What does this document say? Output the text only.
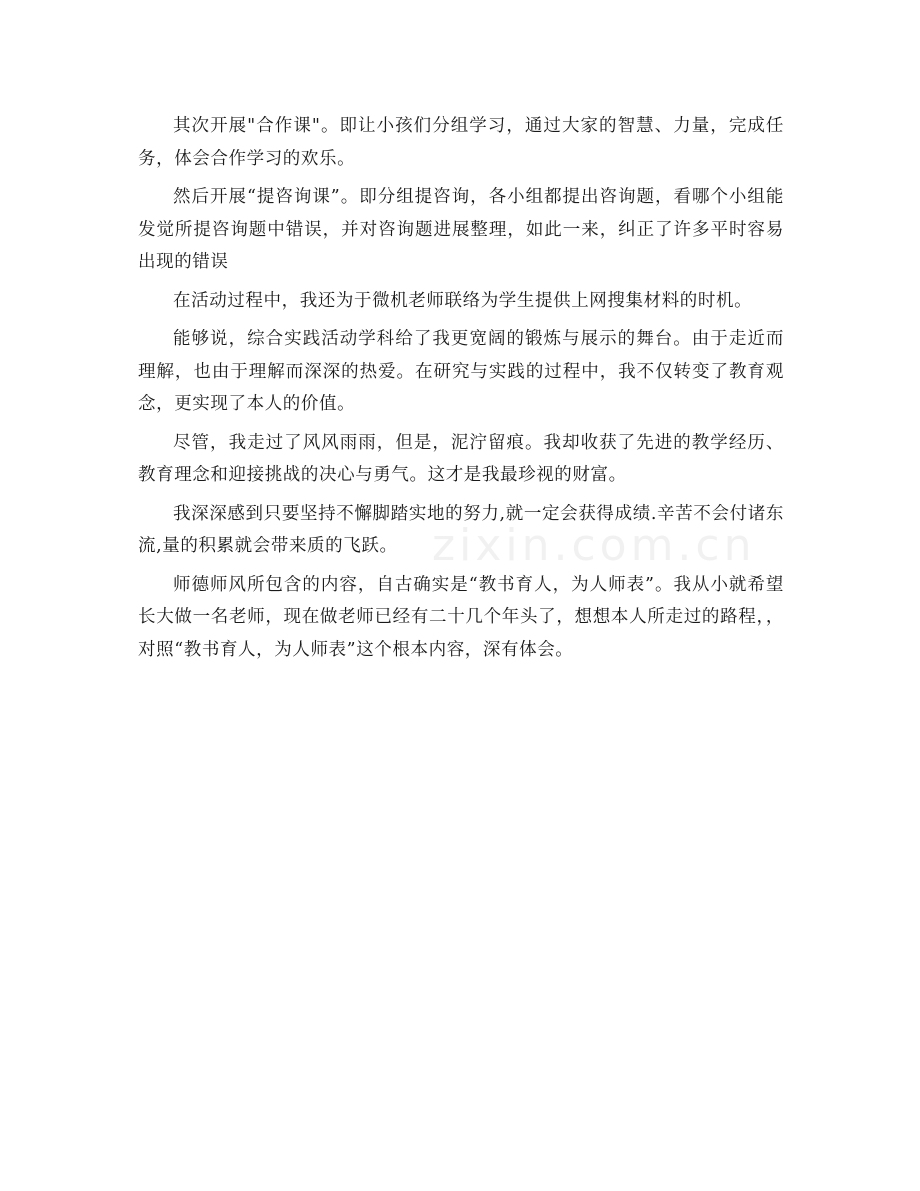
其次开展"合作课"。即让小孩们分组学习，通过大家的智慧、力量，完成任务，体会合作学习的欢乐。

然后开展“提咨询课”。即分组提咨询，各小组都提出咨询题，看哪个小组能发觉所提咨询题中错误，并对咨询题进展整理，如此一来，纠正了许多平时容易出现的错误

在活动过程中，我还为于微机老师联络为学生提供上网搜集材料的时机。

能够说，综合实践活动学科给了我更宽阔的锻炼与展示的舞台。由于走近而理解，也由于理解而深深的热爱。在研究与实践的过程中，我不仅转变了教育观念，更实现了本人的价值。

尽管，我走过了风风雨雨，但是，泥泞留痕。我却收获了先进的教学经历、教育理念和迎接挑战的决心与勇气。这才是我最珍视的财富。

我深深感到只要坚持不懈脚踏实地的努力,就一定会获得成绩.辛苦不会付诸东流,量的积累就会带来质的飞跃。

师德师风所包含的内容，自古确实是“教书育人，为人师表”。我从小就希望长大做一名老师，现在做老师已经有二十几个年头了，想想本人所走过的路程，，对照“教书育人，为人师表”这个根本内容，深有体会。

zixin.com.cn
